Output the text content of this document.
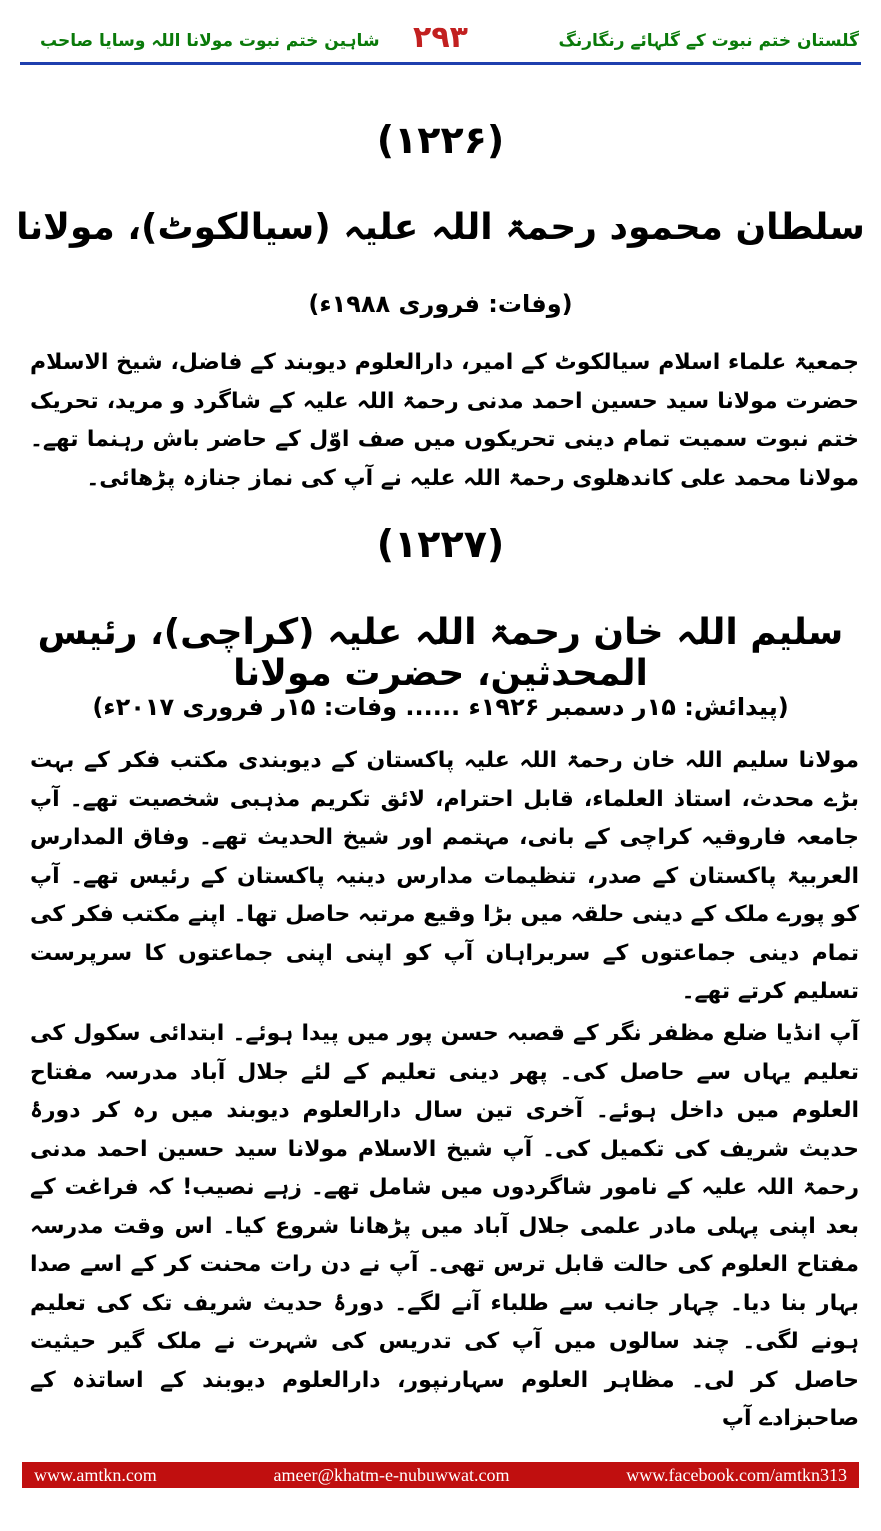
گلستان ختم نبوت کے گلہائے رنگارنگ
۲۹۳
شاہین ختم نبوت مولانا اللہ وسایا صاحب
(۱۲۲۶)
سلطان محمود رحمۃ اللہ علیہ (سیالکوٹ)، مولانا
(وفات: فروری ۱۹۸۸ء)
جمعیۃ علماء اسلام سیالکوٹ کے امیر، دارالعلوم دیوبند کے فاضل، شیخ الاسلام حضرت مولانا سید حسین احمد مدنی رحمۃ اللہ علیہ کے شاگرد و مرید، تحریک ختم نبوت سمیت تمام دینی تحریکوں میں صف اوّل کے حاضر باش رہنما تھے۔ مولانا محمد علی کاندھلوی رحمۃ اللہ علیہ نے آپ کی نماز جنازہ پڑھائی۔
(۱۲۲۷)
سلیم اللہ خان رحمۃ اللہ علیہ (کراچی)، رئیس المحدثین، حضرت مولانا
(پیدائش: ۱۵ر دسمبر ۱۹۲۶ء ...... وفات: ۱۵ر فروری ۲۰۱۷ء)
مولانا سلیم اللہ خان رحمۃ اللہ علیہ پاکستان کے دیوبندی مکتب فکر کے بہت بڑے محدث، استاذ العلماء، قابل احترام، لائق تکریم مذہبی شخصیت تھے۔ آپ جامعہ فاروقیہ کراچی کے بانی، مہتمم اور شیخ الحدیث تھے۔ وفاق المدارس العربیۃ پاکستان کے صدر، تنظیمات مدارس دینیہ پاکستان کے رئیس تھے۔ آپ کو پورے ملک کے دینی حلقہ میں بڑا وقیع مرتبہ حاصل تھا۔ اپنے مکتب فکر کی تمام دینی جماعتوں کے سربراہان آپ کو اپنی اپنی جماعتوں کا سرپرست تسلیم کرتے تھے۔
آپ انڈیا ضلع مظفر نگر کے قصبہ حسن پور میں پیدا ہوئے۔ ابتدائی سکول کی تعلیم یہاں سے حاصل کی۔ پھر دینی تعلیم کے لئے جلال آباد مدرسہ مفتاح العلوم میں داخل ہوئے۔ آخری تین سال دارالعلوم دیوبند میں رہ کر دورۂ حدیث شریف کی تکمیل کی۔ آپ شیخ الاسلام مولانا سید حسین احمد مدنی رحمۃ اللہ علیہ کے نامور شاگردوں میں شامل تھے۔ زہے نصیب! کہ فراغت کے بعد اپنی پہلی مادر علمی جلال آباد میں پڑھانا شروع کیا۔ اس وقت مدرسہ مفتاح العلوم کی حالت قابل ترس تھی۔ آپ نے دن رات محنت کر کے اسے صدا بہار بنا دیا۔ چہار جانب سے طلباء آنے لگے۔ دورۂ حدیث شریف تک کی تعلیم ہونے لگی۔ چند سالوں میں آپ کی تدریس کی شہرت نے ملک گیر حیثیت حاصل کر لی۔ مظاہر العلوم سہارنپور، دارالعلوم دیوبند کے اساتذہ کے صاحبزادے آپ
www.amtkn.com	ameer@khatm-e-nubuwwat.com	www.facebook.com/amtkn313
